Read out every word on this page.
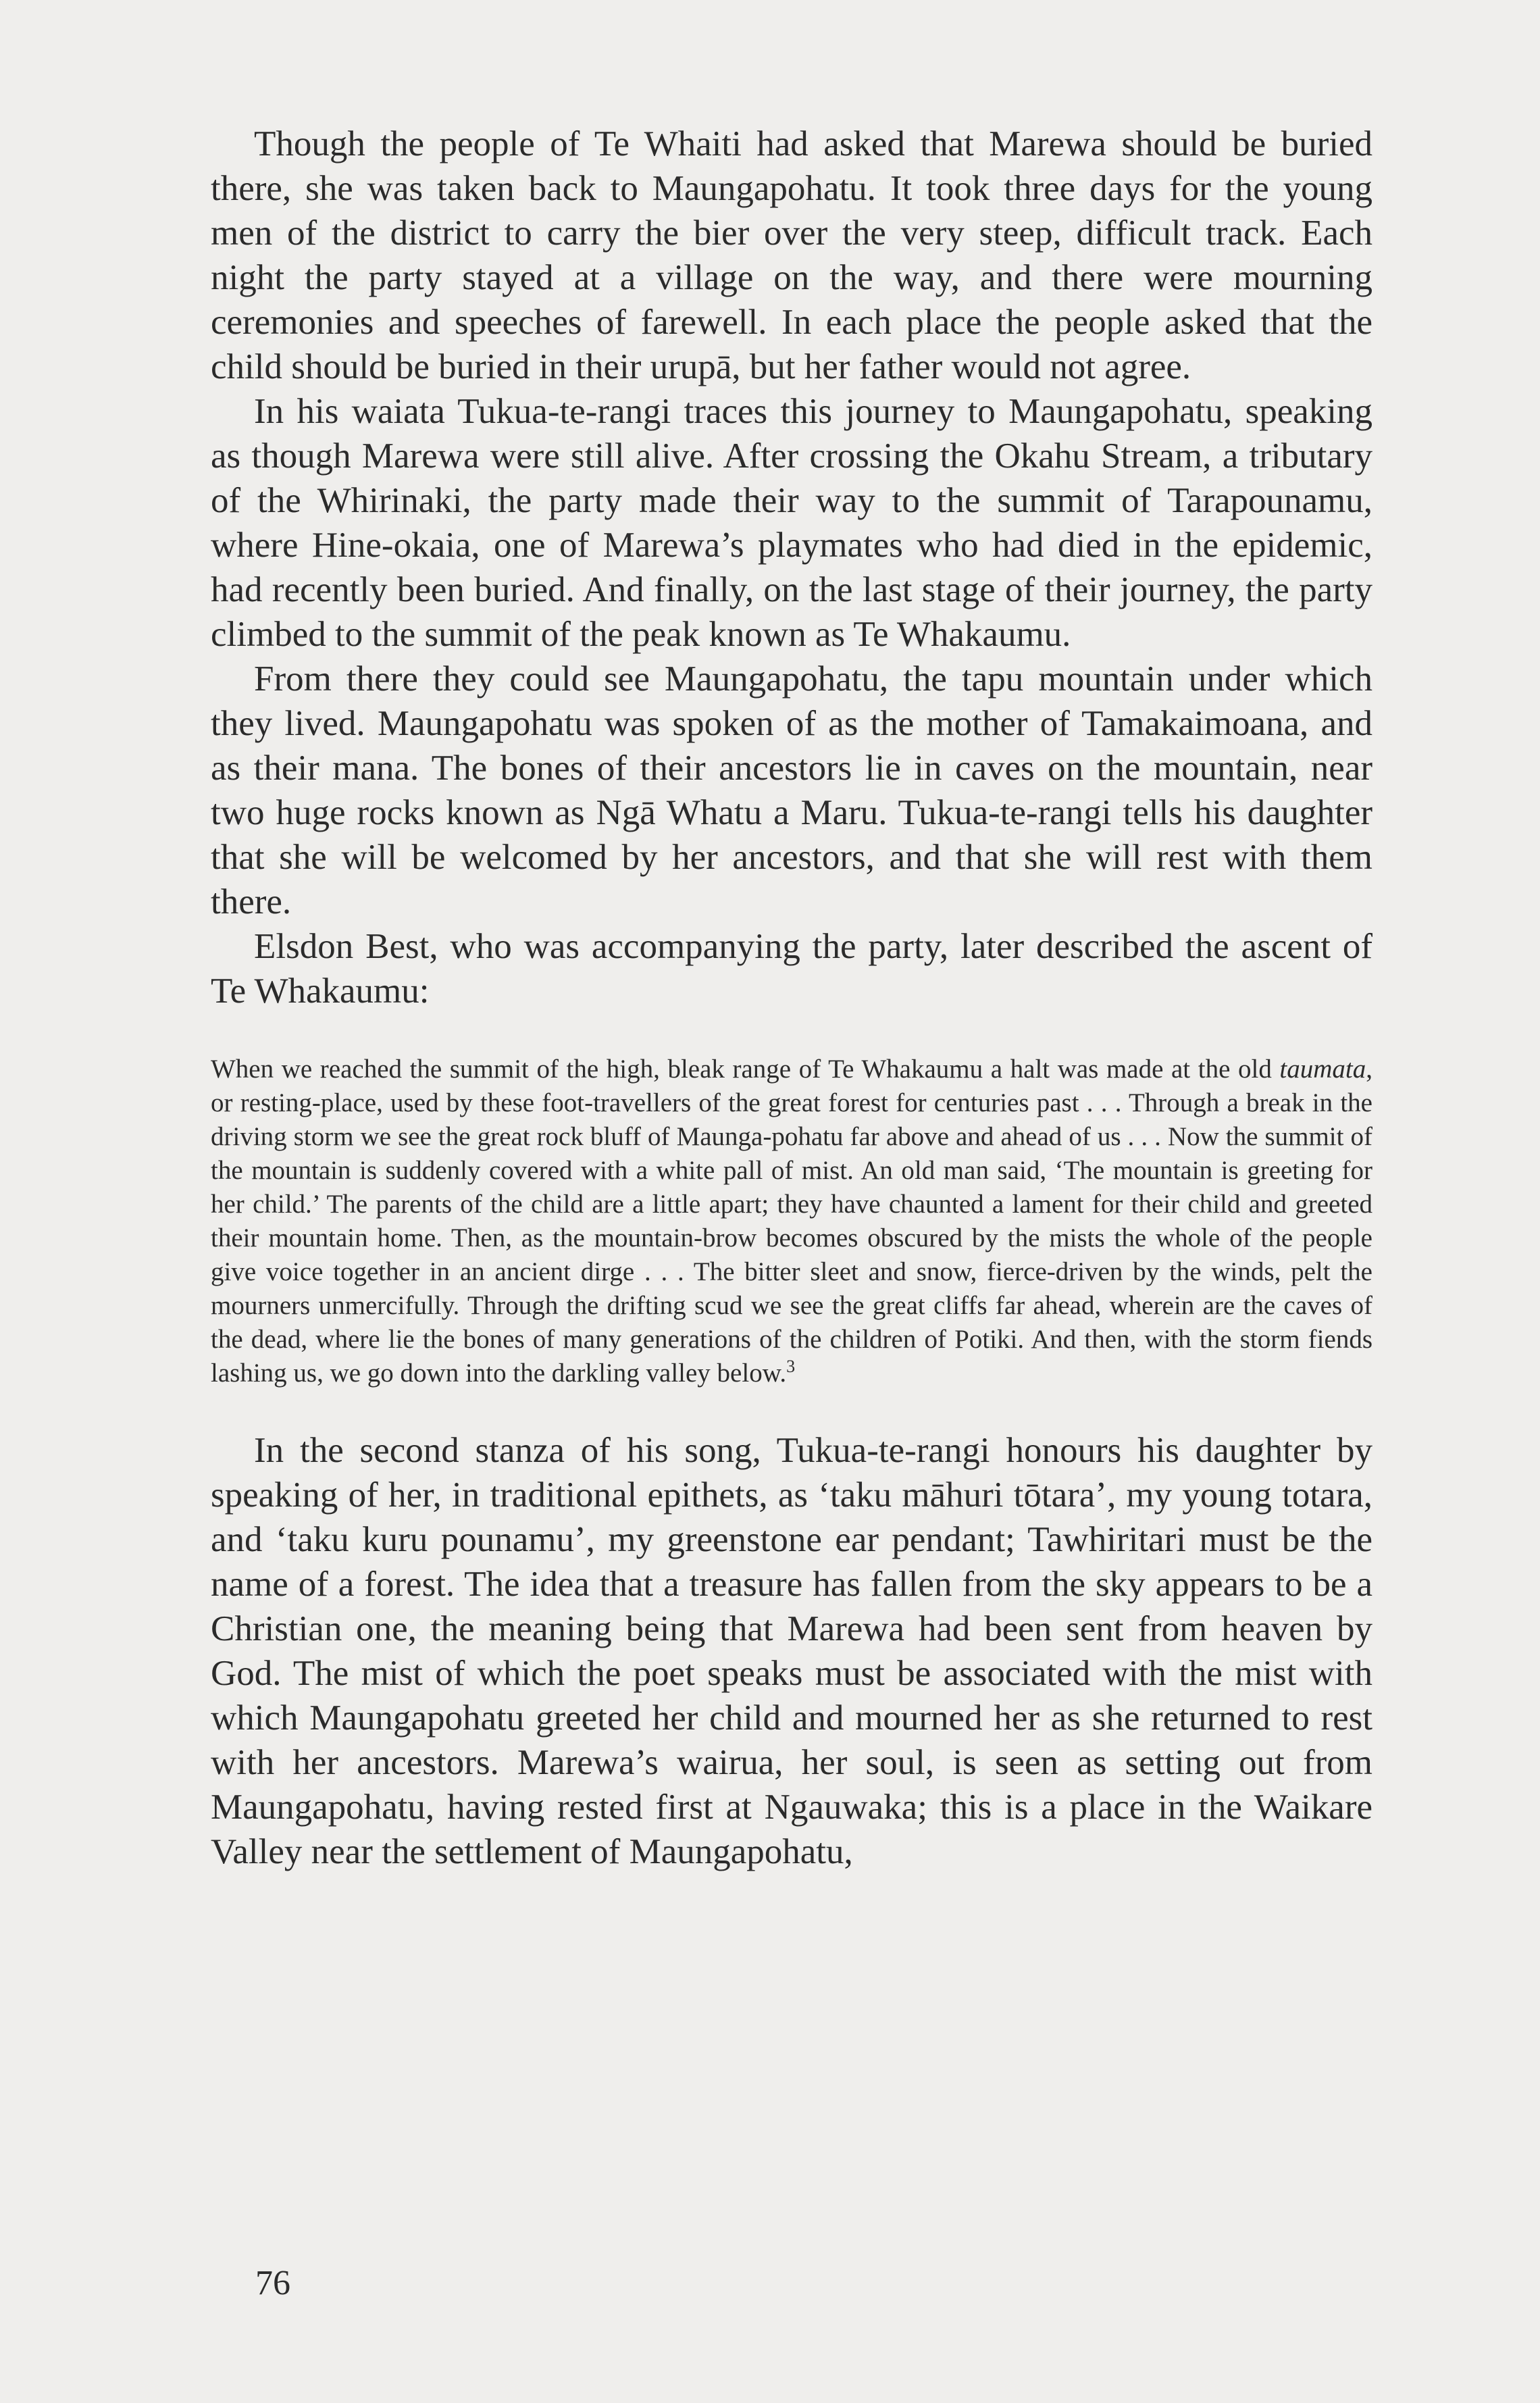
Though the people of Te Whaiti had asked that Marewa should be buried there, she was taken back to Maungapohatu. It took three days for the young men of the district to carry the bier over the very steep, difficult track. Each night the party stayed at a village on the way, and there were mourning ceremonies and speeches of farewell. In each place the people asked that the child should be buried in their urupā, but her father would not agree.

In his waiata Tukua-te-rangi traces this journey to Maungapohatu, speaking as though Marewa were still alive. After crossing the Okahu Stream, a tributary of the Whirinaki, the party made their way to the summit of Tarapounamu, where Hine-okaia, one of Marewa’s playmates who had died in the epidemic, had recently been buried. And finally, on the last stage of their journey, the party climbed to the summit of the peak known as Te Whakaumu.

From there they could see Maungapohatu, the tapu mountain under which they lived. Maungapohatu was spoken of as the mother of Tamakaimoana, and as their mana. The bones of their ancestors lie in caves on the mountain, near two huge rocks known as Ngā Whatu a Maru. Tukua-te-rangi tells his daughter that she will be welcomed by her ancestors, and that she will rest with them there.

Elsdon Best, who was accompanying the party, later described the ascent of Te Whakaumu:

When we reached the summit of the high, bleak range of Te Whakaumu a halt was made at the old taumata, or resting-place, used by these foot-travellers of the great forest for centuries past . . . Through a break in the driving storm we see the great rock bluff of Maunga-pohatu far above and ahead of us . . . Now the summit of the mountain is suddenly covered with a white pall of mist. An old man said, ‘The mountain is greeting for her child.’ The parents of the child are a little apart; they have chaunted a lament for their child and greeted their mountain home. Then, as the mountain-brow becomes obscured by the mists the whole of the people give voice together in an ancient dirge . . . The bitter sleet and snow, fierce-driven by the winds, pelt the mourners unmercifully. Through the drifting scud we see the great cliffs far ahead, wherein are the caves of the dead, where lie the bones of many generations of the children of Potiki. And then, with the storm fiends lashing us, we go down into the darkling valley below.$^3$

In the second stanza of his song, Tukua-te-rangi honours his daughter by speaking of her, in traditional epithets, as ‘taku māhuri tōtara’, my young totara, and ‘taku kuru pounamu’, my greenstone ear pendant; Tawhiritari must be the name of a forest. The idea that a treasure has fallen from the sky appears to be a Christian one, the meaning being that Marewa had been sent from heaven by God. The mist of which the poet speaks must be associated with the mist with which Maungapohatu greeted her child and mourned her as she returned to rest with her ancestors. Marewa’s wairua, her soul, is seen as setting out from Maungapohatu, having rested first at Ngauwaka; this is a place in the Waikare Valley near the settlement of Maungapohatu,

76
